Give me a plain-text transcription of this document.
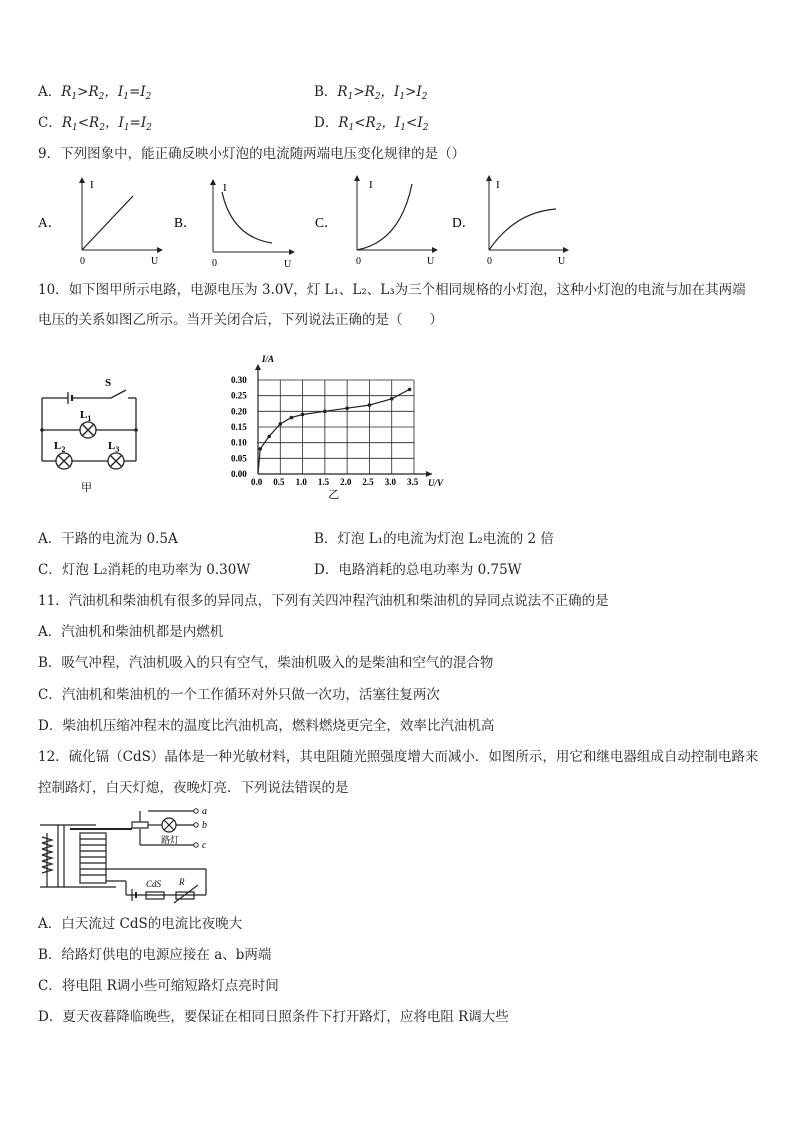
A．$R_1>R_2$，$I_1=I_2$	B．$R_1>R_2$，$I_1>I_2$
C．$R_1<R_2$，$I_1=I_2$	D．$R_1<R_2$，$I_1<I_2$
9．下列图象中，能正确反映小灯泡的电流随两端电压变化规律的是（）
A．
I
0	U
B．
I
0	U
C．
I
0	U
D．
I
0	U
10．如下图甲所示电路，电源电压为 3.0V，灯 L₁、L₂、L₃为三个相同规格的小灯泡，这种小灯泡的电流与加在其两端
电压的关系如图乙所示。当开关闭合后，下列说法正确的是（　　）
S
$L_1$
$L_2$	$L_3$
甲	0.0 0.5 1.0 1.5 2.0 2.5 3.0 3.5
0.00
0.05
0.10
0.15
0.20
0.25
0.30
I/A
U/V
乙
A．干路的电流为 0.5A	B．灯泡 L₁的电流为灯泡 L₂电流的 2 倍
C．灯泡 L₂消耗的电功率为 0.30W	D．电路消耗的总电功率为 0.75W
11．汽油机和柴油机有很多的异同点，下列有关四冲程汽油机和柴油机的异同点说法不正确的是
A．汽油机和柴油机都是内燃机
B．吸气冲程，汽油机吸入的只有空气，柴油机吸入的是柴油和空气的混合物
C．汽油机和柴油机的一个工作循环对外只做一次功，活塞往复两次
D．柴油机压缩冲程末的温度比汽油机高，燃料燃烧更完全，效率比汽油机高
12．硫化镉（CdS）晶体是一种光敏材料，其电阻随光照强度增大而减小．如图所示，用它和继电器组成自动控制电路来
控制路灯，白天灯熄，夜晚灯亮．下列说法错误的是
a
b
c
路灯
CdS R
A．白天流过 CdS的电流比夜晚大
B．给路灯供电的电源应接在 a、b两端
C．将电阻 R调小些可缩短路灯点亮时间
D．夏天夜暮降临晚些，要保证在相同日照条件下打开路灯，应将电阻 R调大些
